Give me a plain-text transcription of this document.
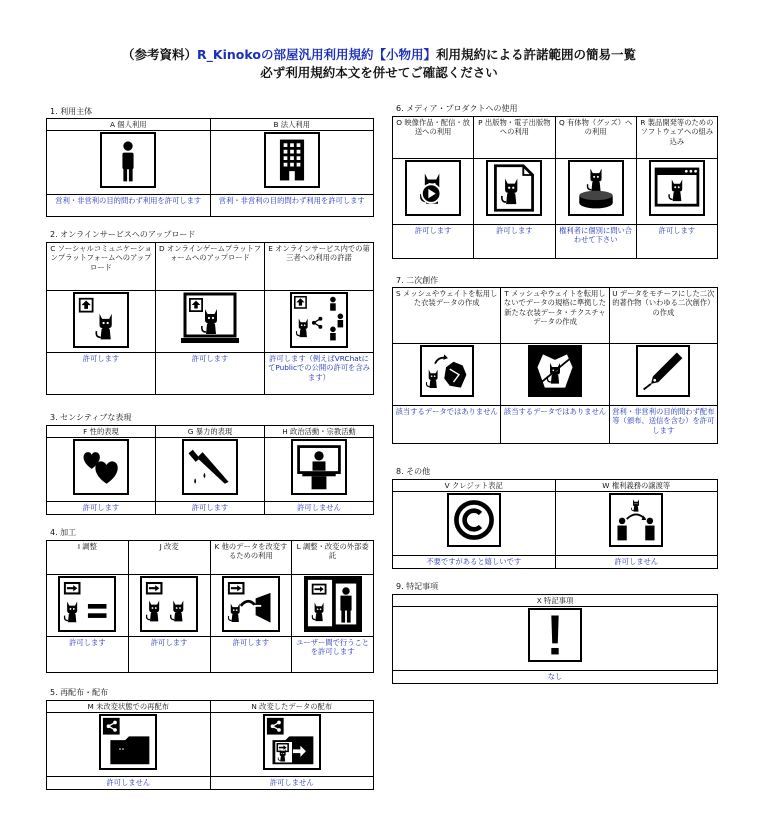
（参考資料）R_Kinokoの部屋汎用利用規約【小物用】利用規約による許諾範囲の簡易一覧
必ず利用規約本文を併せてご確認ください
1. 利用主体
A 個人利用	B 法人利用

営利・非営利の目的問わず利用を許可します	営利・非営利の目的問わず利用を許可します
2. オンラインサービスへのアップロード
C ソーシャルコミュニケーションプラットフォームへのアップロード	D オンラインゲームプラットフォームへのアップロード	E オンラインサービス内での第三者への利用の許諾

許可します	許可します	許可します（例えばVRChatにてPublicでの公開の許可を含みます）
3. センシティブな表現
F 性的表現	G 暴力的表現	H 政治活動・宗教活動

許可します	許可します	許可しません
4. 加工
I 調整	J 改変	K 他のデータを改変するための利用	L 調整・改変の外部委託

許可します	許可します	許可します	ユーザー間で行うことを許可します
5. 再配布・配布
M 未改変状態での再配布	N 改変したデータの配布

許可しません	許可しません
6. メディア・プロダクトへの使用
O 映像作品・配信・放送への利用	P 出版物・電子出版物への利用	Q 有体物（グッズ）への利用	R 製品開発等のためのソフトウェアへの組み込み

許可します	許可します	権利者に個別に問い合わせて下さい	許可します
7. 二次創作
S メッシュやウェイトを転用した衣装データの作成	T メッシュやウェイトを転用しないでデータの規格に準拠した新たな衣装データ・テクスチャデータの作成	U データをモチーフにした二次的著作物（いわゆる二次創作）の作成

該当するデータではありません	該当するデータではありません	営利・非営利の目的問わず配布等（頒布、送信を含む）を許可します
8. その他
V クレジット表記	W 権利義務の譲渡等

不要ですがあると嬉しいです	許可しません
9. 特記事項
X 特記事項

なし
